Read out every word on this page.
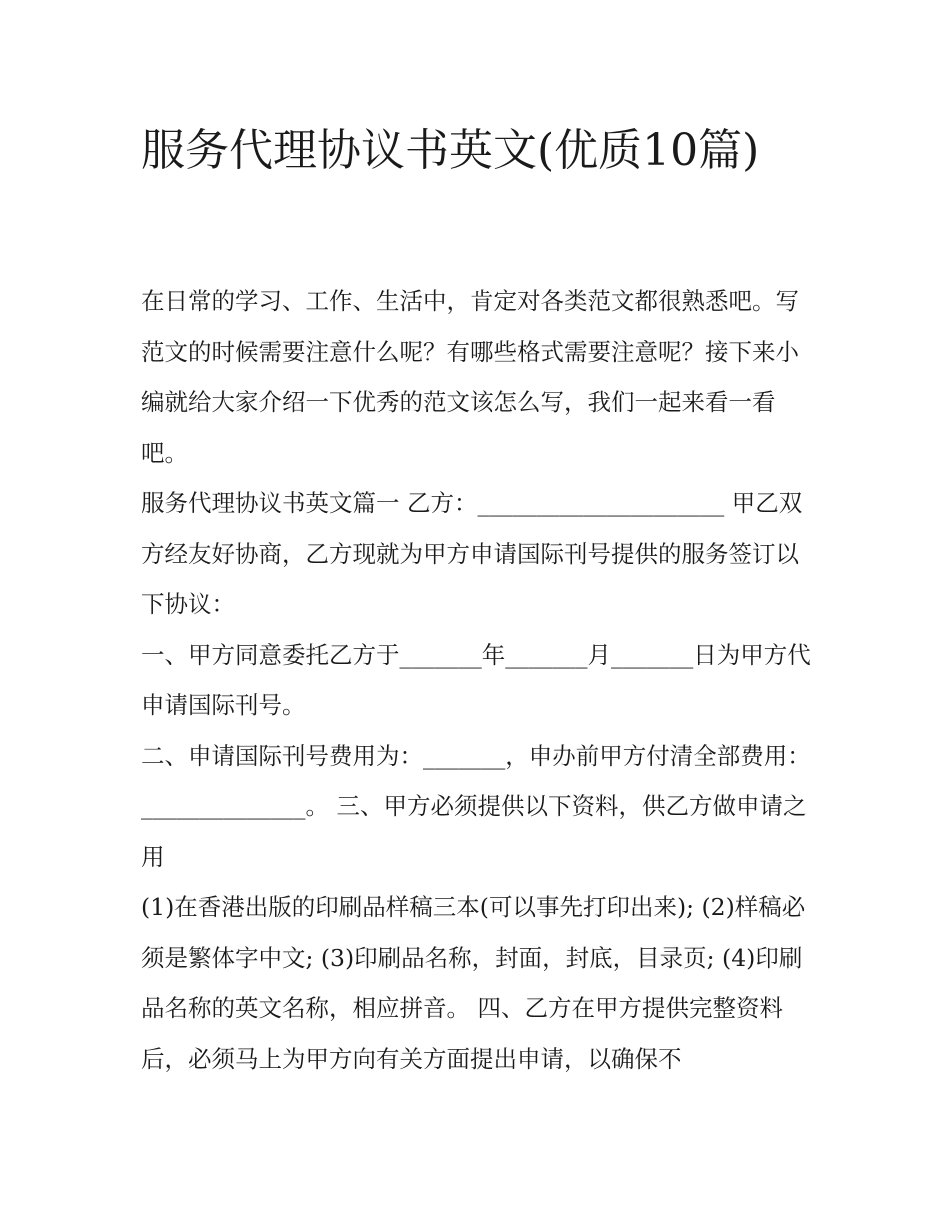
服务代理协议书英文(优质10篇)

在日常的学习、工作、生活中，肯定对各类范文都很熟悉吧。写范文的时候需要注意什么呢？有哪些格式需要注意呢？接下来小编就给大家介绍一下优秀的范文该怎么写，我们一起来看一看吧。

服务代理协议书英文篇一 乙方：_____________________ 甲乙双方经友好协商，乙方现就为甲方申请国际刊号提供的服务签订以下协议：

一、甲方同意委托乙方于_______年_______月_______日为甲方代申请国际刊号。

二、申请国际刊号费用为：_______，申办前甲方付清全部费用：______________。 三、甲方必须提供以下资料，供乙方做申请之用

(1)在香港出版的印刷品样稿三本(可以事先打印出来); (2)样稿必须是繁体字中文; (3)印刷品名称，封面，封底，目录页; (4)印刷品名称的英文名称，相应拼音。 四、乙方在甲方提供完整资料后，必须马上为甲方向有关方面提出申请，以确保不
